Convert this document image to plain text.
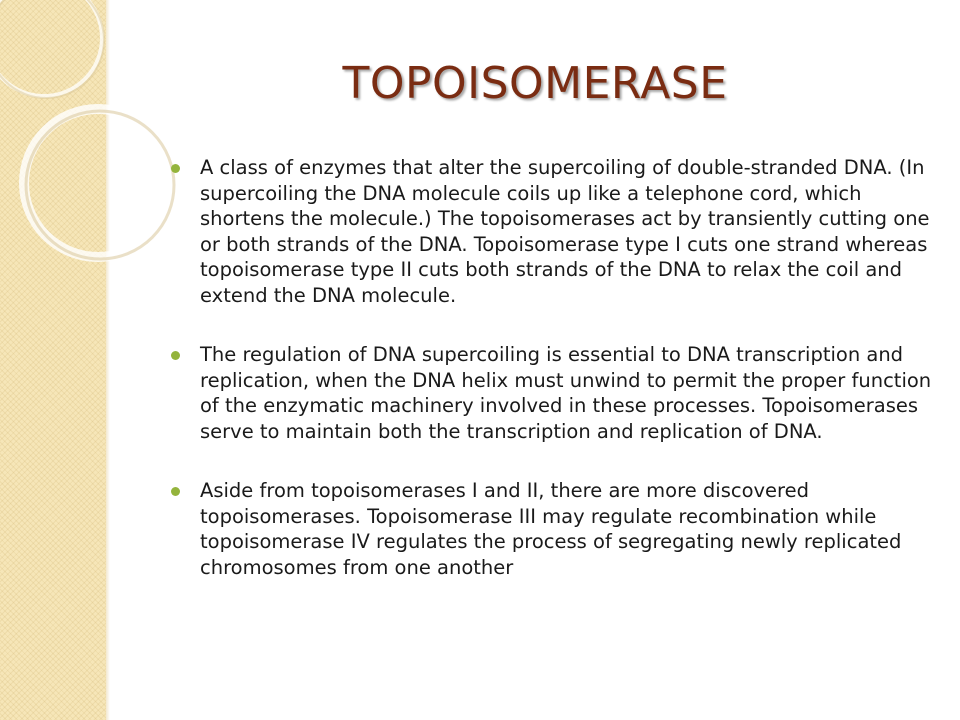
TOPOISOMERASE
A class of enzymes that alter the supercoiling of double-stranded DNA. (In supercoiling the DNA molecule coils up like a telephone cord, which shortens the molecule.) The topoisomerases act by transiently cutting one or both strands of the DNA. Topoisomerase type I cuts one strand whereas topoisomerase type II cuts both strands of the DNA to relax the coil and extend the DNA molecule.
The regulation of DNA supercoiling is essential to DNA transcription and replication, when the DNA helix must unwind to permit the proper function of the enzymatic machinery involved in these processes. Topoisomerases serve to maintain both the transcription and replication of DNA.
Aside from topoisomerases I and II, there are more discovered topoisomerases. Topoisomerase III may regulate recombination while topoisomerase IV regulates the process of segregating newly replicated chromosomes from one another
